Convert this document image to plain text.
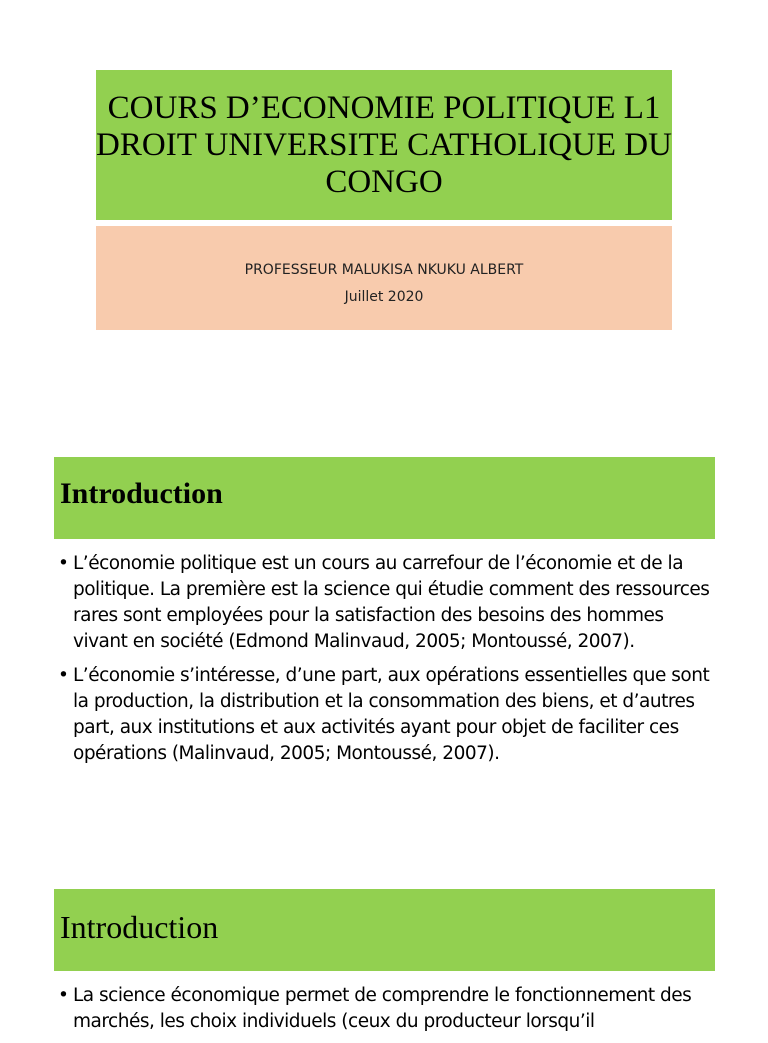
COURS D’ECONOMIE POLITIQUE L1 DROIT UNIVERSITE CATHOLIQUE DU CONGO
PROFESSEUR MALUKISA NKUKU ALBERT
Juillet 2020
Introduction
• L’économie politique est un cours au carrefour de l’économie et de la politique. La première est la science qui étudie comment des ressources rares sont employées pour la satisfaction des besoins des hommes vivant en société (Edmond Malinvaud, 2005; Montoussé, 2007).
• L’économie s’intéresse, d’une part, aux opérations essentielles que sont la production, la distribution et la consommation des biens, et d’autres part, aux institutions et aux activités ayant pour objet de faciliter ces opérations (Malinvaud, 2005; Montoussé, 2007).
Introduction
• La science économique permet de comprendre le fonctionnement des marchés, les choix individuels (ceux du producteur lorsqu’il
